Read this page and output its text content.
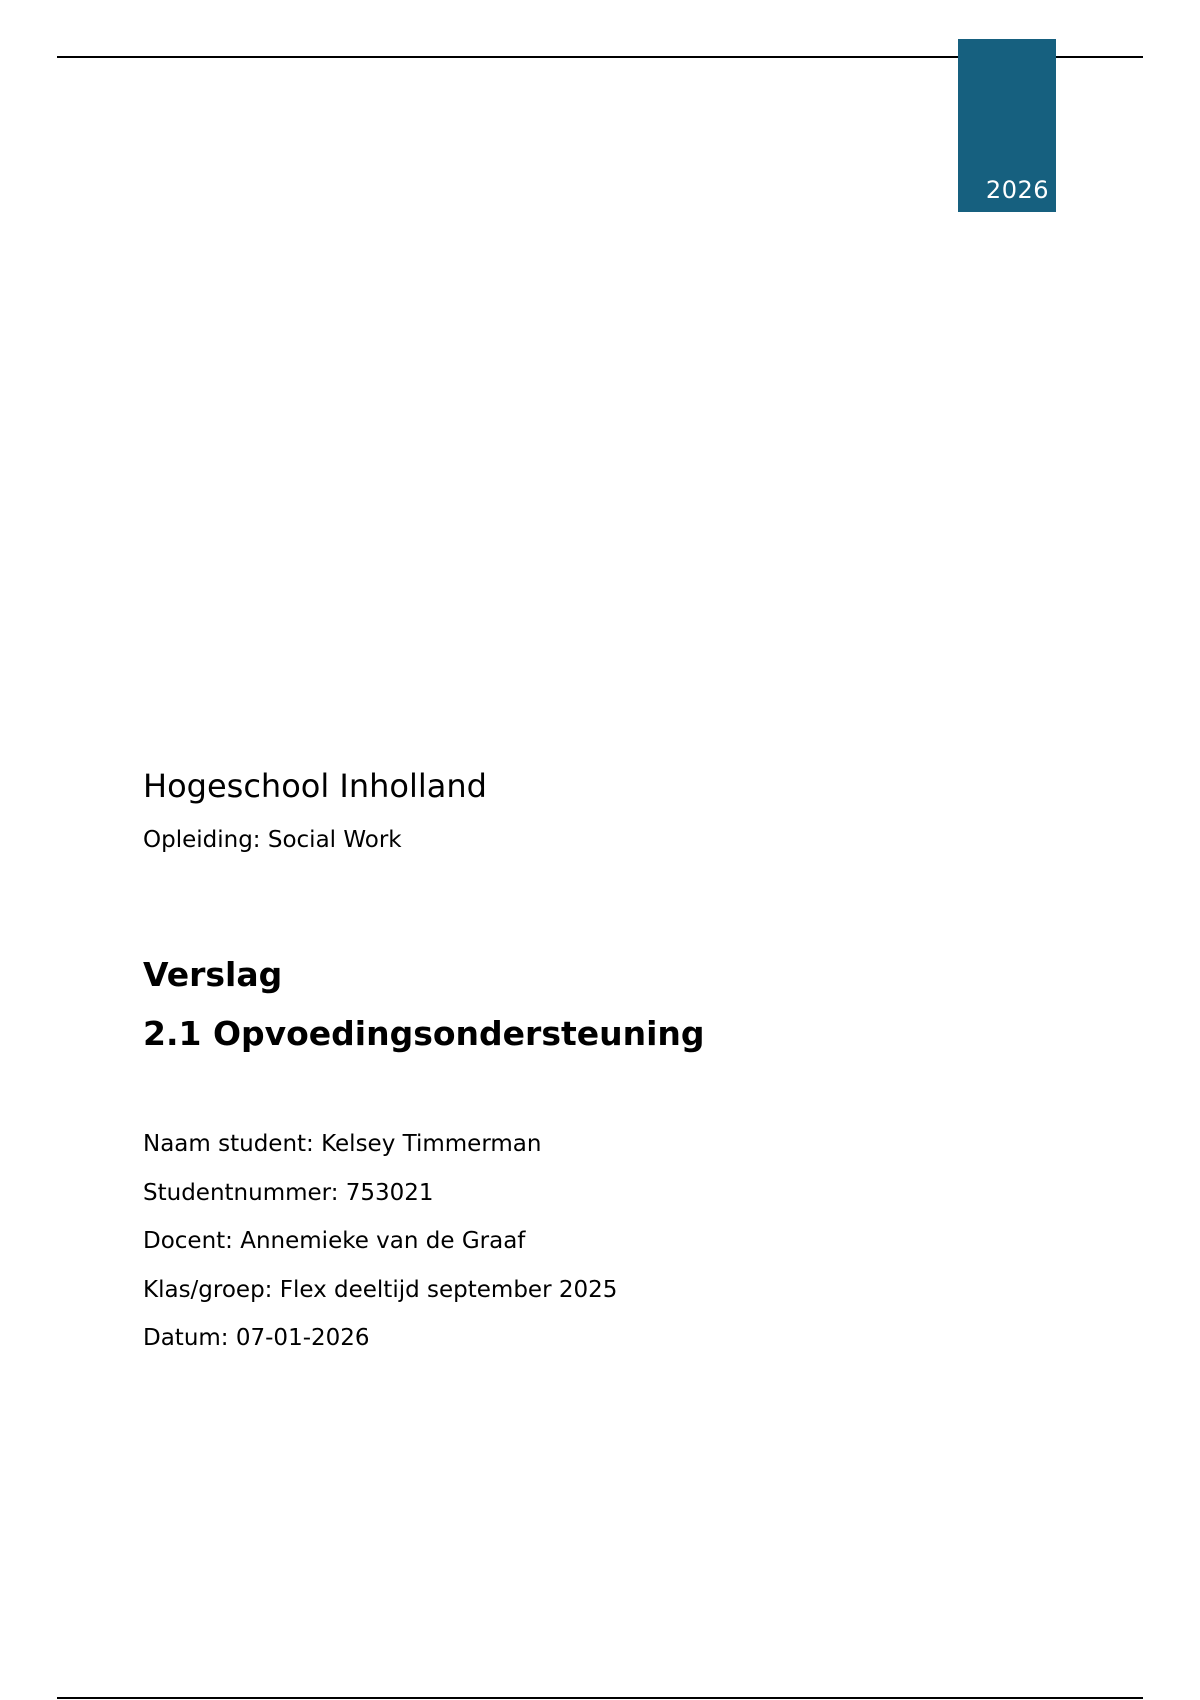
2026
Hogeschool Inholland
Opleiding: Social Work
Verslag
2.1 Opvoedingsondersteuning
Naam student: Kelsey Timmerman
Studentnummer: 753021
Docent: Annemieke van de Graaf
Klas/groep: Flex deeltijd september 2025
Datum: 07-01-2026
